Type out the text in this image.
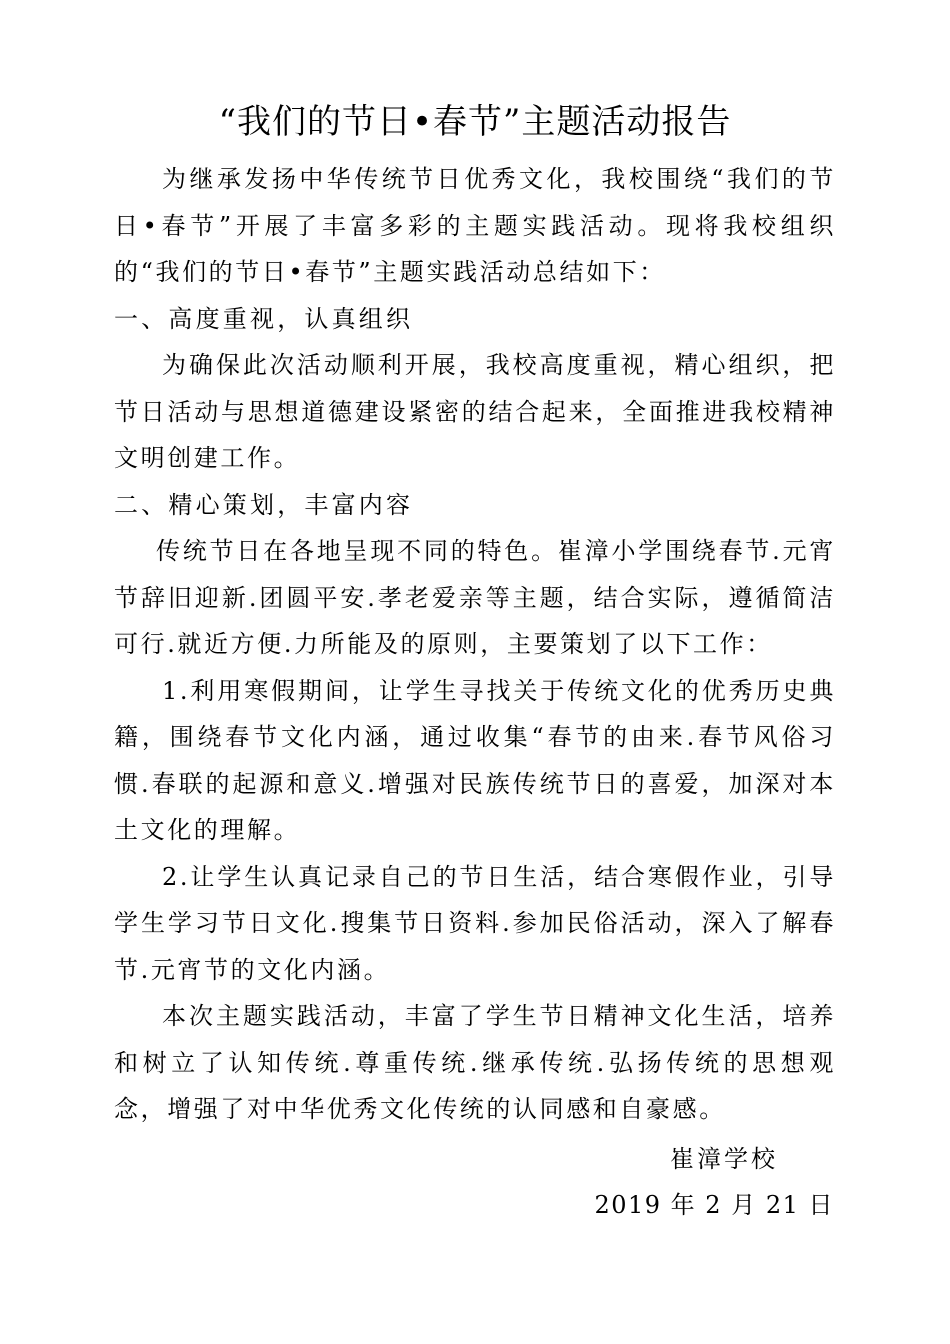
“我们的节日•春节”主题活动报告

为继承发扬中华传统节日优秀文化，我校围绕“我们的节日•春节”开展了丰富多彩的主题实践活动。现将我校组织的“我们的节日•春节”主题实践活动总结如下：

一、高度重视，认真组织

为确保此次活动顺利开展，我校高度重视，精心组织，把节日活动与思想道德建设紧密的结合起来，全面推进我校精神文明创建工作。

二、精心策划，丰富内容

传统节日在各地呈现不同的特色。崔漳小学围绕春节.元宵节辞旧迎新.团圆平安.孝老爱亲等主题，结合实际，遵循简洁可行.就近方便.力所能及的原则，主要策划了以下工作：

1.利用寒假期间，让学生寻找关于传统文化的优秀历史典籍，围绕春节文化内涵，通过收集“春节的由来.春节风俗习惯.春联的起源和意义.增强对民族传统节日的喜爱，加深对本土文化的理解。

2.让学生认真记录自己的节日生活，结合寒假作业，引导学生学习节日文化.搜集节日资料.参加民俗活动，深入了解春节.元宵节的文化内涵。

本次主题实践活动，丰富了学生节日精神文化生活，培养和树立了认知传统.尊重传统.继承传统.弘扬传统的思想观念，增强了对中华优秀文化传统的认同感和自豪感。

崔漳学校
2019 年 2 月 21 日
